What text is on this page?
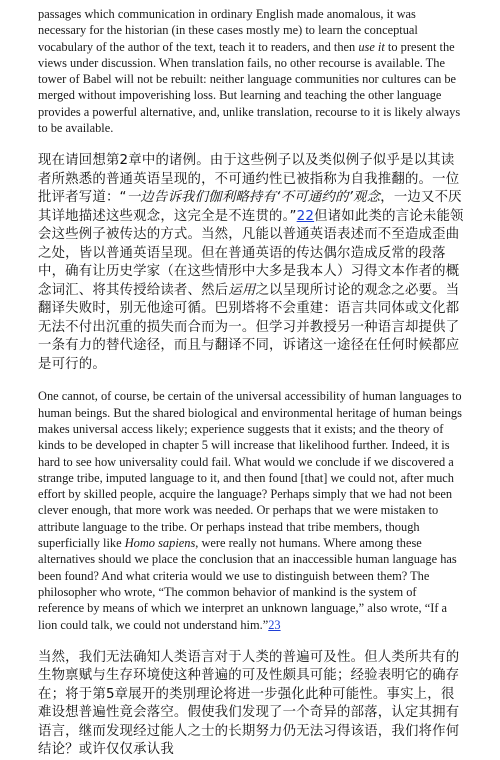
passages which communication in ordinary English made anomalous, it was necessary for the historian (in these cases mostly me) to learn the conceptual vocabulary of the author of the text, teach it to readers, and then use it to present the views under discussion. When translation fails, no other recourse is available. The tower of Babel will not be rebuilt: neither language communities nor cultures can be merged without impoverishing loss. But learning and teaching the other language provides a powerful alternative, and, unlike translation, recourse to it is likely always to be available.

现在请回想第2章中的诸例。由于这些例子以及类似例子似乎是以其读者所熟悉的普通英语呈现的，不可通约性已被指称为自我推翻的。一位批评者写道：“一边告诉我们伽利略持有‘不可通约的’观念，一边又不厌其详地描述这些观念，这完全是不连贯的。”22但诸如此类的言论未能领会这些例子被传达的方式。当然，凡能以普通英语表述而不至造成歪曲之处，皆以普通英语呈现。但在普通英语的传达偶尔造成反常的段落中，确有让历史学家（在这些情形中大多是我本人）习得文本作者的概念词汇、将其传授给读者、然后运用之以呈现所讨论的观念之必要。当翻译失败时，别无他途可循。巴别塔将不会重建：语言共同体或文化都无法不付出沉重的损失而合而为一。但学习并教授另一种语言却提供了一条有力的替代途径，而且与翻译不同，诉诸这一途径在任何时候都应是可行的。

One cannot, of course, be certain of the universal accessibility of human languages to human beings. But the shared biological and environmental heritage of human beings makes universal access likely; experience suggests that it exists; and the theory of kinds to be developed in chapter 5 will increase that likelihood further. Indeed, it is hard to see how universality could fail. What would we conclude if we discovered a strange tribe, imputed language to it, and then found [that] we could not, after much effort by skilled people, acquire the language? Perhaps simply that we had not been clever enough, that more work was needed. Or perhaps that we were mistaken to attribute language to the tribe. Or perhaps instead that tribe members, though superficially like Homo sapiens, were really not humans. Where among these alternatives should we place the conclusion that an inaccessible human language has been found? And what criteria would we use to distinguish between them? The philosopher who wrote, “The common behavior of mankind is the system of reference by means of which we interpret an unknown language,” also wrote, “If a lion could talk, we could not understand him.”23

当然，我们无法确知人类语言对于人类的普遍可及性。但人类所共有的生物禀赋与生存环境使这种普遍的可及性颇具可能；经验表明它的确存在；将于第5章展开的类別理论将进一步强化此种可能性。事实上，很难设想普遍性竟会落空。假使我们发现了一个奇异的部落，认定其拥有语言，继而发现经过能人之士的长期努力仍无法习得该语，我们将作何结论？或许仅仅承认我
